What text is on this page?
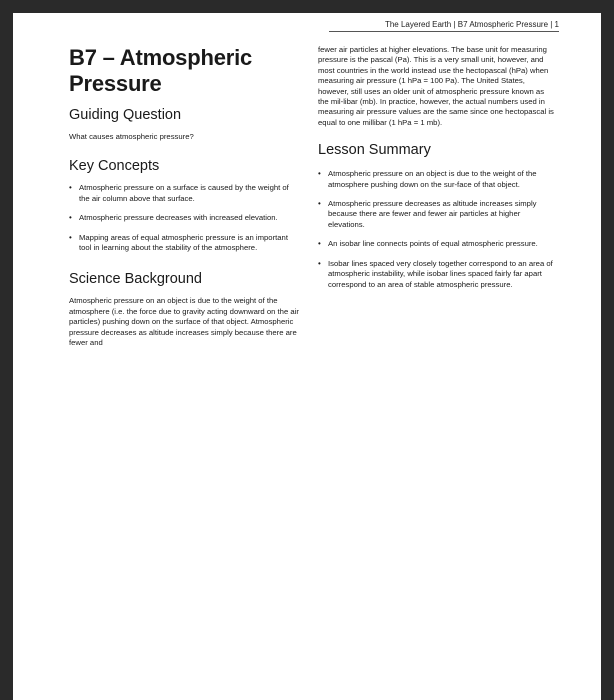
The Layered Earth | B7 Atmospheric Pressure | 1
B7 – Atmospheric
Pressure
Guiding Question

What causes atmospheric pressure?

Key Concepts
• Atmospheric pressure on a surface is caused by the weight of the air column above that surface.
• Atmospheric pressure decreases with increased elevation.
• Mapping areas of equal atmospheric pressure is an important tool in learning about the stability of the atmosphere.
Science Background

Atmospheric pressure on an object is due to the weight of the atmosphere (i.e. the force due to gravity acting downward on the air particles) pushing down on the surface of that object. Atmospheric pressure decreases as altitude increases simply because there are fewer and

fewer air particles at higher elevations. The base unit for measuring pressure is the pascal (Pa). This is a very small unit, however, and most countries in the world instead use the hectopascal (hPa) when measuring air pressure (1 hPa = 100 Pa). The United States, however, still uses an older unit of atmospheric pressure known as the mil-libar (mb). In practice, however, the actual numbers used in measuring air pressure values are the same since one hectopascal is equal to one millibar (1 hPa = 1 mb).

Lesson Summary
• Atmospheric pressure on an object is due to the weight of the atmosphere pushing down on the sur-face of that object.
• Atmospheric pressure decreases as altitude increases simply because there are fewer and fewer air particles at higher elevations.
• An isobar line connects points of equal atmospheric pressure.
• Isobar lines spaced very closely together correspond to an area of atmospheric instability, while isobar lines spaced fairly far apart correspond to an area of stable atmospheric pressure.
